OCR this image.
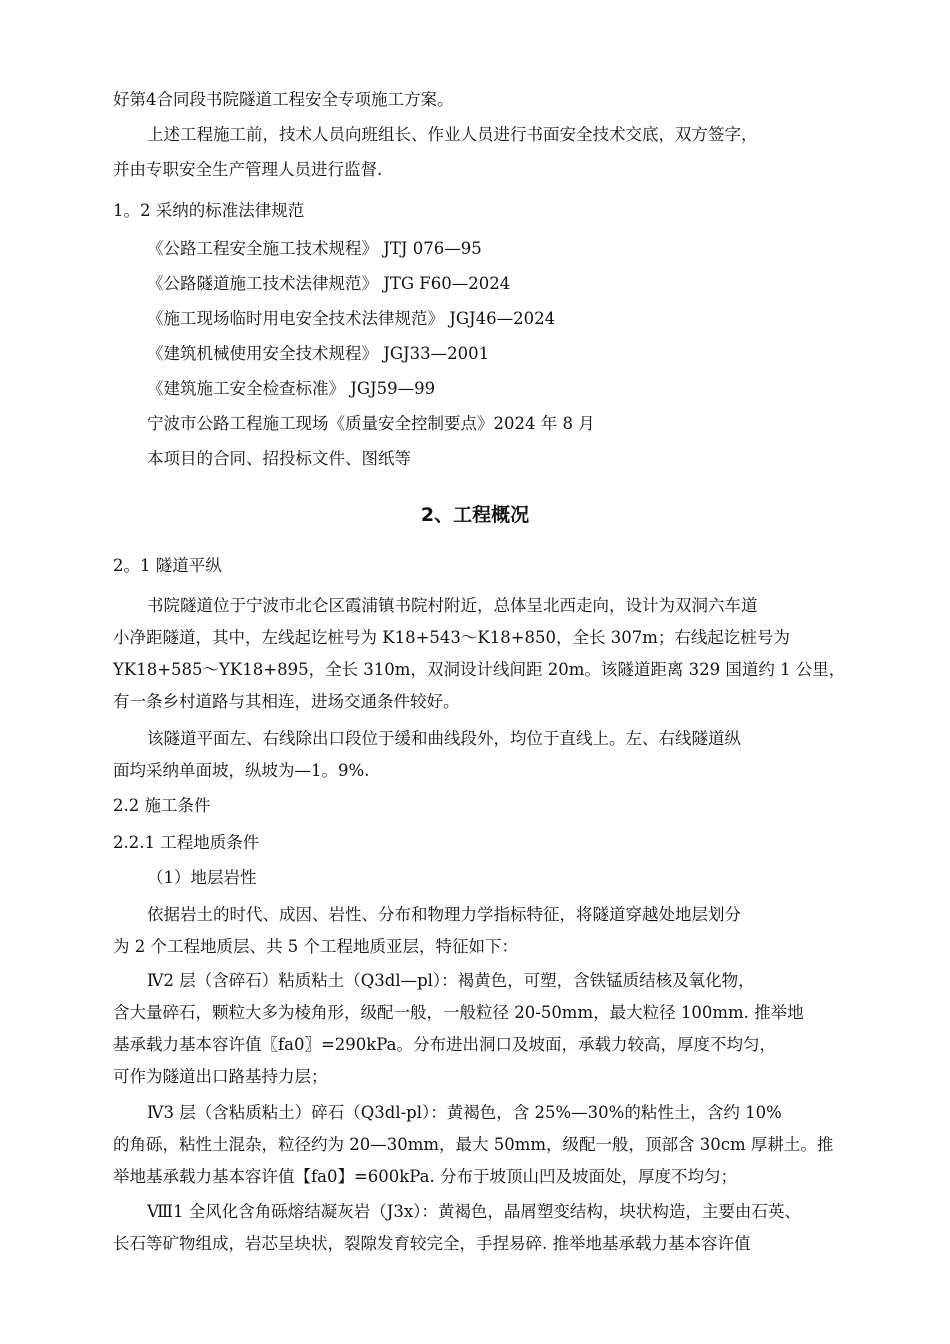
好第4合同段书院隧道工程安全专项施工方案。
上述工程施工前，技术人员向班组长、作业人员进行书面安全技术交底，双方签字，
并由专职安全生产管理人员进行监督.
1。2 采纳的标准法律规范
《公路工程安全施工技术规程》 JTJ 076—95
《公路隧道施工技术法律规范》 JTG F60—2024
《施工现场临时用电安全技术法律规范》 JGJ46—2024
《建筑机械使用安全技术规程》 JGJ33—2001
《建筑施工安全检查标准》 JGJ59—99
宁波市公路工程施工现场《质量安全控制要点》2024 年 8 月
本项目的合同、招投标文件、图纸等
2、工程概况
2。1 隧道平纵
书院隧道位于宁波市北仑区霞浦镇书院村附近，总体呈北西走向，设计为双洞六车道
小净距隧道，其中，左线起讫桩号为 K18+543～K18+850，全长 307m；右线起讫桩号为
YK18+585～YK18+895，全长 310m，双洞设计线间距 20m。该隧道距离 329 国道约 1 公里，
有一条乡村道路与其相连，进场交通条件较好。
该隧道平面左、右线除出口段位于缓和曲线段外，均位于直线上。左、右线隧道纵
面均采纳单面坡，纵坡为—1。9%.
2.2 施工条件
2.2.1 工程地质条件
（1）地层岩性
依据岩土的时代、成因、岩性、分布和物理力学指标特征，将隧道穿越处地层划分
为 2 个工程地质层、共 5 个工程地质亚层，特征如下：
Ⅳ2 层（含碎石）粘质粘土（Q3dl—pl）：褐黄色，可塑，含铁锰质结核及氧化物，
含大量碎石，颗粒大多为棱角形，级配一般，一般粒径 20-50mm，最大粒径 100mm. 推举地
基承载力基本容许值〖fa0〗=290kPa。分布进出洞口及坡面，承载力较高，厚度不均匀，
可作为隧道出口路基持力层；
Ⅳ3 层（含粘质粘土）碎石（Q3dl-pl）：黄褐色，含 25%—30%的粘性土，含约 10%
的角砾，粘性土混杂，粒径约为 20—30mm，最大 50mm，级配一般，顶部含 30cm 厚耕土。推
举地基承载力基本容许值【fa0】=600kPa. 分布于坡顶山凹及坡面处，厚度不均匀；
Ⅷ1 全风化含角砾熔结凝灰岩（J3x）：黄褐色，晶屑塑变结构，块状构造，主要由石英、
长石等矿物组成，岩芯呈块状，裂隙发育较完全，手捏易碎. 推举地基承载力基本容许值
